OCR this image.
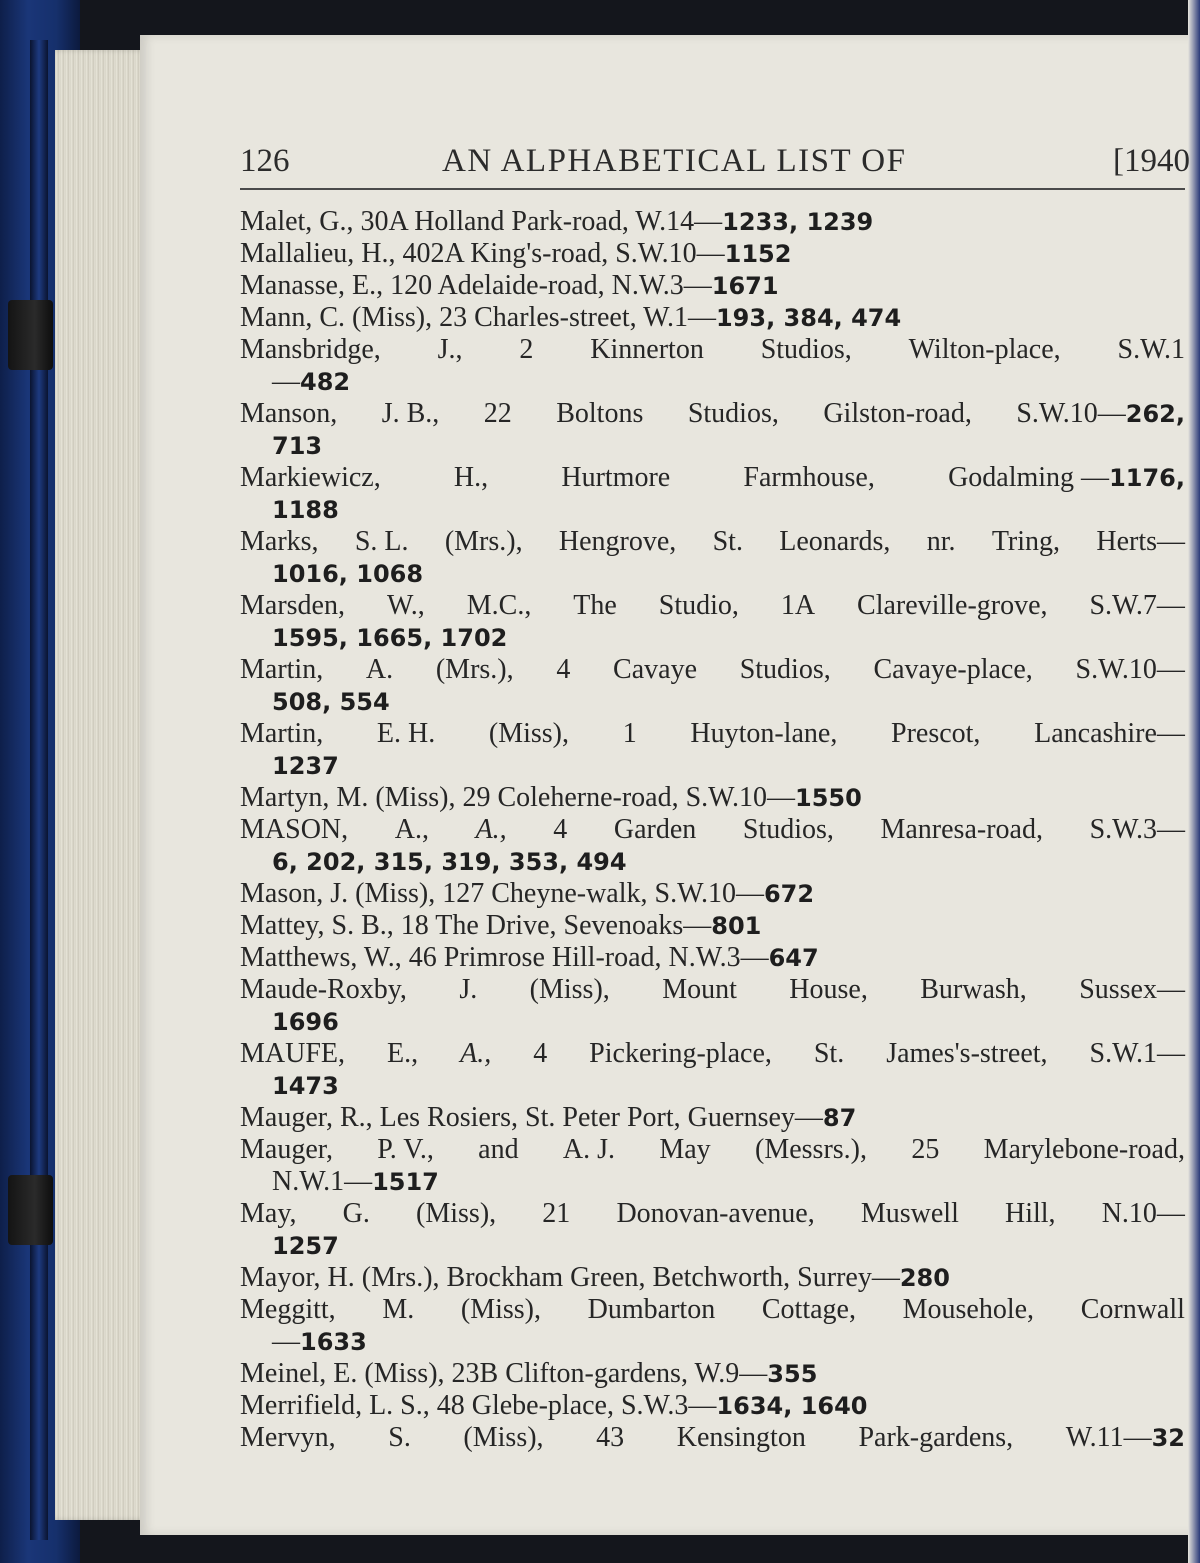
126	AN ALPHABETICAL LIST OF	[1940
Malet, G., 30A Holland Park-road, W.14—1233, 1239
Mallalieu, H., 402A King's-road, S.W.10—1152
Manasse, E., 120 Adelaide-road, N.W.3—1671
Mann, C. (Miss), 23 Charles-street, W.1—193, 384, 474
Mansbridge, J., 2 Kinnerton Studios, Wilton-place, S.W.1
—482
Manson, J. B., 22 Boltons Studios, Gilston-road, S.W.10—262,
713
Markiewicz,	H.,	Hurtmore	Farmhouse,	Godalming —1176,
1188
Marks, S. L. (Mrs.), Hengrove, St. Leonards, nr. Tring, Herts—
1016, 1068
Marsden, W., M.C., The Studio, 1A Clareville-grove, S.W.7—
1595, 1665, 1702
Martin, A. (Mrs.), 4 Cavaye Studios, Cavaye-place, S.W.10—
508, 554
Martin, E. H. (Miss), 1 Huyton-lane, Prescot, Lancashire—
1237
Martyn, M. (Miss), 29 Coleherne-road, S.W.10—1550
MASON, A., A., 4 Garden Studios, Manresa-road, S.W.3—
6, 202, 315, 319, 353, 494
Mason, J. (Miss), 127 Cheyne-walk, S.W.10—672
Mattey, S. B., 18 The Drive, Sevenoaks—801
Matthews, W., 46 Primrose Hill-road, N.W.3—647
Maude-Roxby, J. (Miss), Mount House, Burwash, Sussex—
1696
MAUFE, E., A., 4 Pickering-place, St. James's-street, S.W.1—
1473
Mauger, R., Les Rosiers, St. Peter Port, Guernsey—87
Mauger, P. V., and A. J. May (Messrs.), 25 Marylebone-road,
N.W.1—1517
May, G. (Miss), 21 Donovan-avenue, Muswell Hill, N.10—
1257
Mayor, H. (Mrs.), Brockham Green, Betchworth, Surrey—280
Meggitt, M. (Miss), Dumbarton Cottage, Mousehole, Cornwall
—1633
Meinel, E. (Miss), 23B Clifton-gardens, W.9—355
Merrifield, L. S., 48 Glebe-place, S.W.3—1634, 1640
Mervyn, S. (Miss), 43 Kensington Park-gardens, W.11—32
